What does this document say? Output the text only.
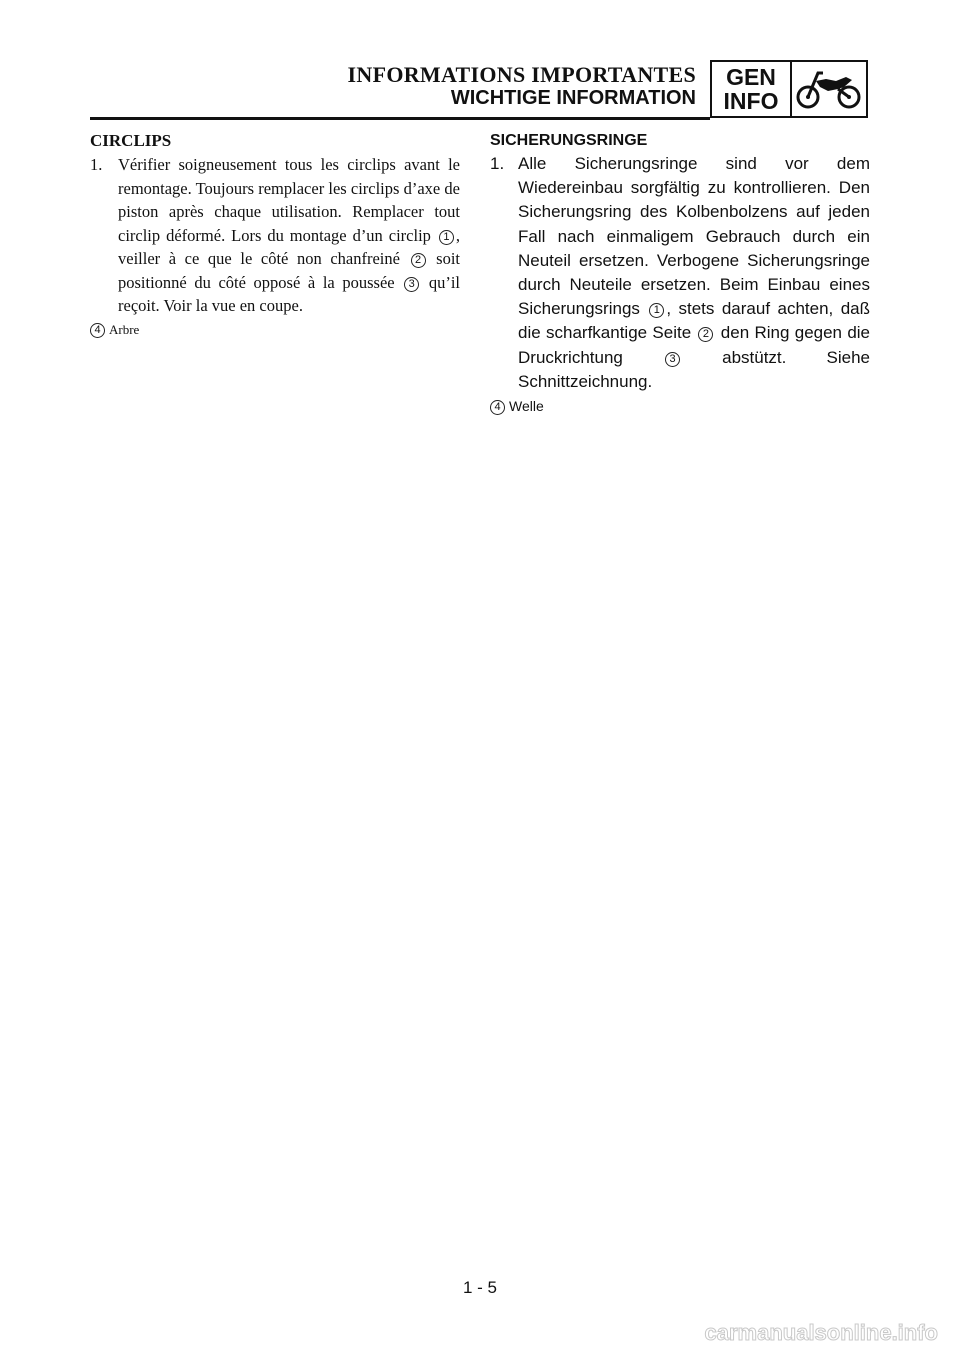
INFORMATIONS IMPORTANTES
WICHTIGE INFORMATION
GEN
INFO
CIRCLIPS
1. Vérifier soigneusement tous les circlips avant le remontage. Toujours remplacer les circlips d’axe de piston après chaque utilisation. Remplacer tout circlip déformé. Lors du montage d’un circlip 1 , veiller à ce que le côté non chanfreiné 2 soit positionné du côté opposé à la poussée 3 qu’il reçoit. Voir la vue en coupe.
4 Arbre
SICHERUNGSRINGE
1. Alle Sicherungsringe sind vor dem Wiedereinbau sorgfältig zu kontrollieren. Den Sicherungsring des Kolbenbolzens auf jeden Fall nach einmaligem Gebrauch durch ein Neuteil ersetzen. Verbogene Sicherungsringe durch Neuteile ersetzen. Beim Einbau eines Sicherungsrings 1 , stets darauf achten, daß die scharfkantige Seite 2 den Ring gegen die Druckrichtung 3 abstützt. Siehe Schnittzeichnung.
4 Welle
1 - 5
carmanualsonline.info
